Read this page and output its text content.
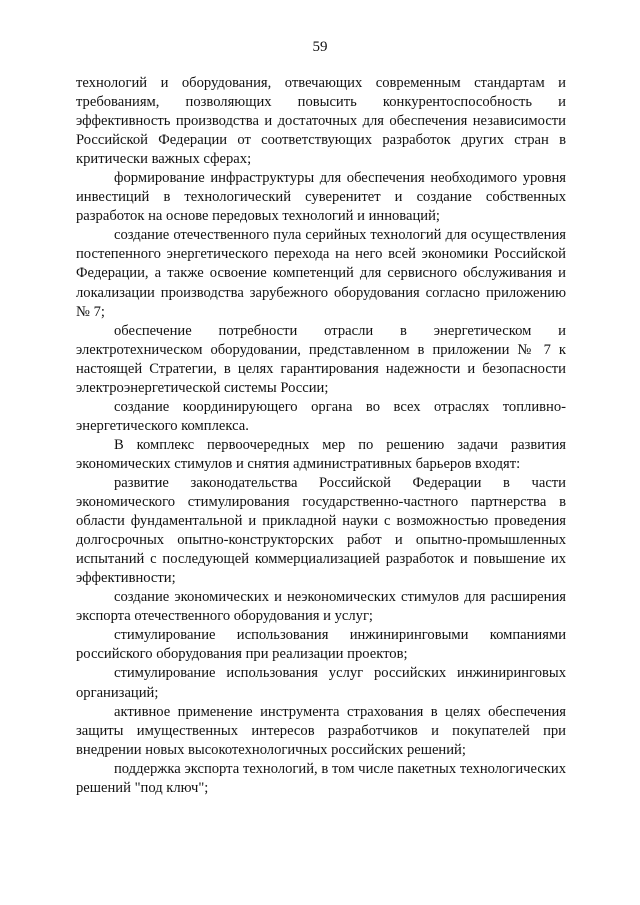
59

технологий и оборудования, отвечающих современным стандартам и требованиям, позволяющих повысить конкурентоспособность и эффективность производства и достаточных для обеспечения независимости Российской Федерации от соответствующих разработок других стран в критически важных сферах;

формирование инфраструктуры для обеспечения необходимого уровня инвестиций в технологический суверенитет и создание собственных разработок на основе передовых технологий и инноваций;

создание отечественного пула серийных технологий для осуществления постепенного энергетического перехода на него всей экономики Российской Федерации, а также освоение компетенций для сервисного обслуживания и локализации производства зарубежного оборудования согласно приложению № 7;

обеспечение потребности отрасли в энергетическом и электротехническом оборудовании, представленном в приложении № 7 к настоящей Стратегии, в целях гарантирования надежности и безопасности электроэнергетической системы России;

создание координирующего органа во всех отраслях топливно-энергетического комплекса.

В комплекс первоочередных мер по решению задачи развития экономических стимулов и снятия административных барьеров входят:

развитие законодательства Российской Федерации в части экономического стимулирования государственно-частного партнерства в области фундаментальной и прикладной науки с возможностью проведения долгосрочных опытно-конструкторских работ и опытно-промышленных испытаний с последующей коммерциализацией разработок и повышение их эффективности;

создание экономических и неэкономических стимулов для расширения экспорта отечественного оборудования и услуг;

стимулирование использования инжиниринговыми компаниями российского оборудования при реализации проектов;

стимулирование использования услуг российских инжиниринговых организаций;

активное применение инструмента страхования в целях обеспечения защиты имущественных интересов разработчиков и покупателей при внедрении новых высокотехнологичных российских решений;

поддержка экспорта технологий, в том числе пакетных технологических решений "под ключ";
